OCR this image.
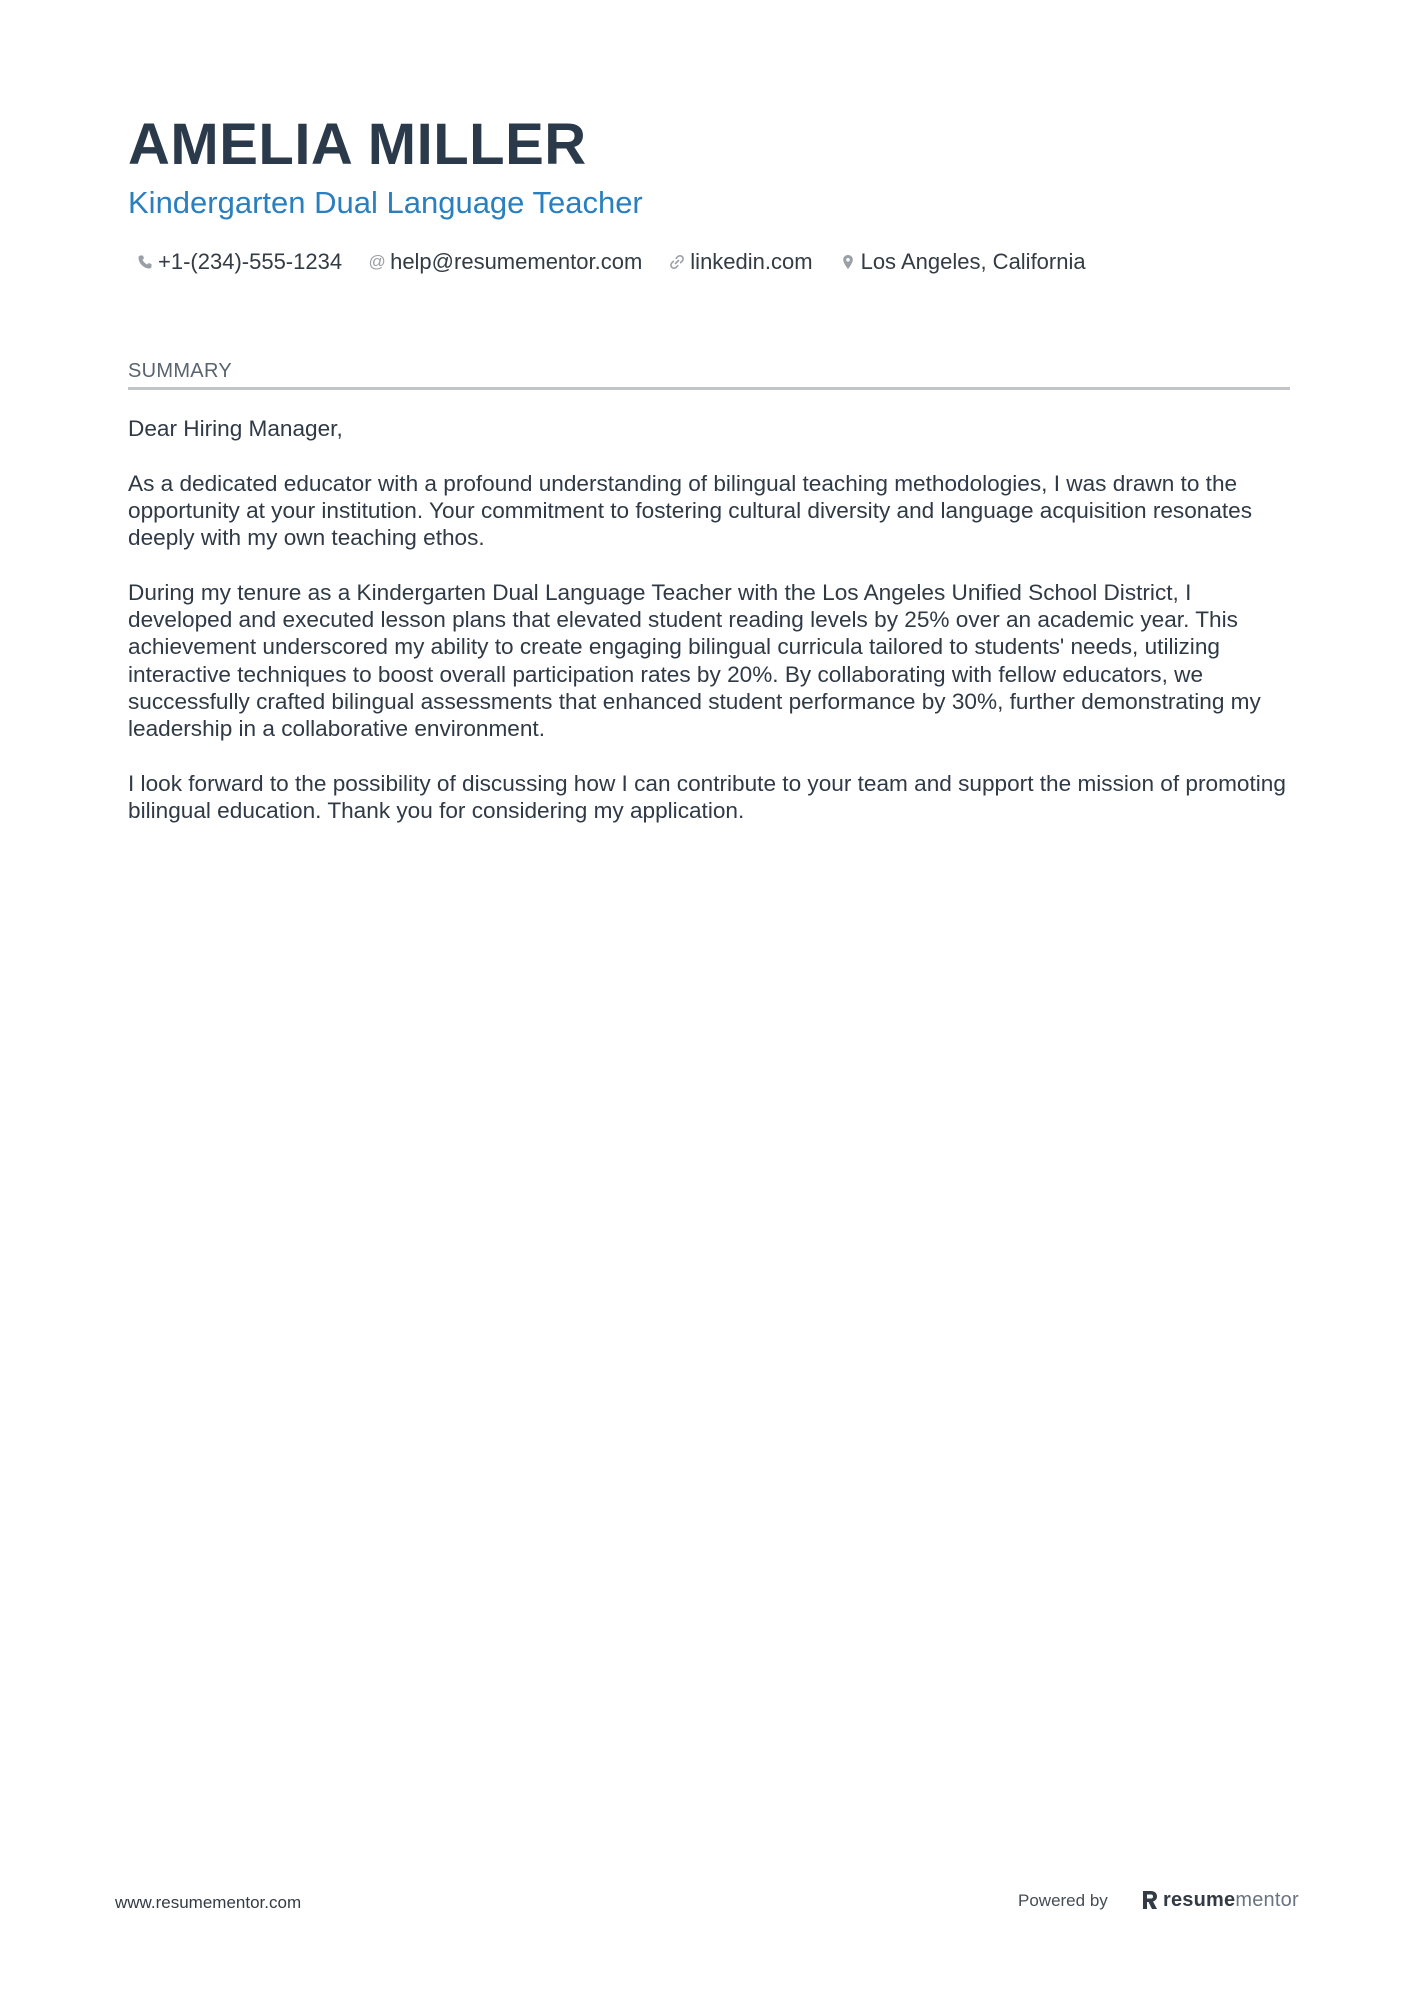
AMELIA MILLER
Kindergarten Dual Language Teacher
+1-(234)-555-1234 @ help@resumementor.com linkedin.com Los Angeles, California
SUMMARY

Dear Hiring Manager,

As a dedicated educator with a profound understanding of bilingual teaching methodologies, I was drawn to the opportunity at your institution. Your commitment to fostering cultural diversity and language acquisition resonates deeply with my own teaching ethos.

During my tenure as a Kindergarten Dual Language Teacher with the Los Angeles Unified School District, I developed and executed lesson plans that elevated student reading levels by 25% over an academic year. This achievement underscored my ability to create engaging bilingual curricula tailored to students' needs, utilizing interactive techniques to boost overall participation rates by 20%. By collaborating with fellow educators, we successfully crafted bilingual assessments that enhanced student performance by 30%, further demonstrating my leadership in a collaborative environment.

I look forward to the possibility of discussing how I can contribute to your team and support the mission of promoting bilingual education. Thank you for considering my application.

www.resumementor.com	Powered by	resumementor
